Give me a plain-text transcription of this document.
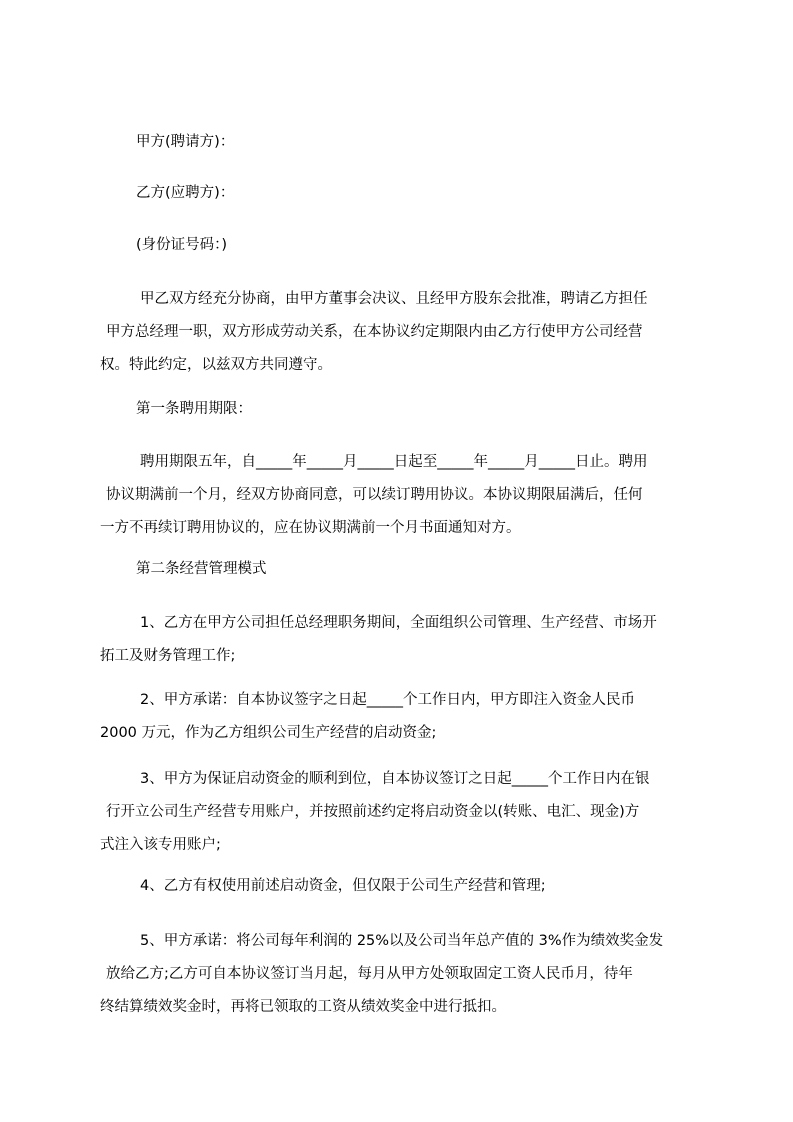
甲方(聘请方)：
乙方(应聘方)：
(身份证号码：)
甲乙双方经充分协商，由甲方董事会决议、且经甲方股东会批准，聘请乙方担任
甲方总经理一职，双方形成劳动关系，在本协议约定期限内由乙方行使甲方公司经营
权。特此约定，以兹双方共同遵守。
第一条聘用期限：
聘用期限五年，自_____年_____月_____日起至_____年_____月_____日止。聘用
协议期满前一个月，经双方协商同意，可以续订聘用协议。本协议期限届满后，任何
一方不再续订聘用协议的，应在协议期满前一个月书面通知对方。
第二条经营管理模式
1、乙方在甲方公司担任总经理职务期间，全面组织公司管理、生产经营、市场开
拓工及财务管理工作;
2、甲方承诺：自本协议签字之日起_____个工作日内，甲方即注入资金人民币
2000 万元，作为乙方组织公司生产经营的启动资金;
3、甲方为保证启动资金的顺利到位，自本协议签订之日起_____个工作日内在银
行开立公司生产经营专用账户，并按照前述约定将启动资金以(转账、电汇、现金)方
式注入该专用账户;
4、乙方有权使用前述启动资金，但仅限于公司生产经营和管理;
5、甲方承诺：将公司每年利润的 25%以及公司当年总产值的 3%作为绩效奖金发
放给乙方;乙方可自本协议签订当月起，每月从甲方处领取固定工资人民币月，待年
终结算绩效奖金时，再将已领取的工资从绩效奖金中进行抵扣。
